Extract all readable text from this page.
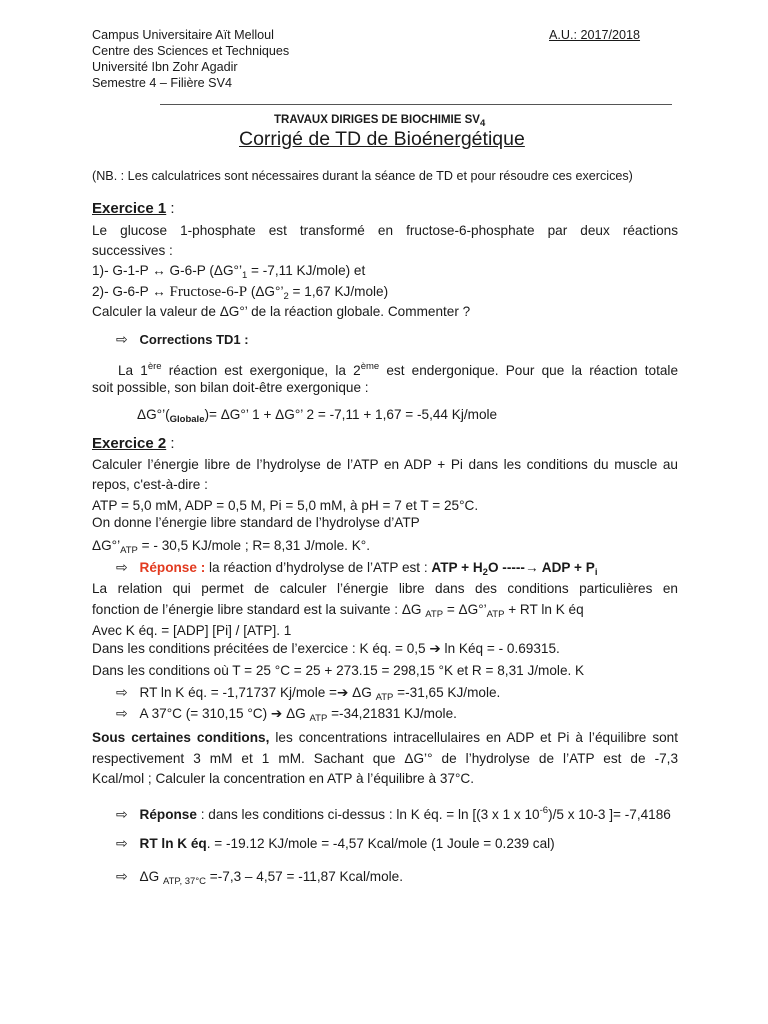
Campus Universitaire Aït Melloul
Centre des Sciences et Techniques
Université Ibn Zohr Agadir
Semestre 4 – Filière SV4
A.U.: 2017/2018
TRAVAUX DIRIGES DE BIOCHIMIE $SV_4$
Corrigé de TD de Bioénergétique
(NB. : Les calculatrices sont nécessaires durant la séance de TD et pour résoudre ces exercices)
Exercice 1 :
Le glucose 1-phosphate est transformé en fructose-6-phosphate par deux réactions
successives :
1)- G-1-P ↔ G-6-P ($\Delta G^\circ’_1 = -7,11$ KJ/mole) et
2)- G-6-P ↔ Fructose-6-P ($\Delta G^\circ’_2 = 1,67$ KJ/mole)
Calculer la valeur de ΔG°’ de la réaction globale. Commenter ?
⇨ Corrections TD1 :
La 1ère réaction est exergonique, la 2ème est endergonique. Pour que la réaction totale
soit possible, son bilan doit-être exergonique :
$\Delta G^\circ’(_{Globale})= \Delta G^\circ$’ 1 + ΔG°’ 2 = -7,11 + 1,67 = -5,44 Kj/mole
Exercice 2 :
Calculer l’énergie libre de l’hydrolyse de l’ATP en ADP + Pi dans les conditions du muscle au
repos, c'est-à-dire :
ATP = 5,0 mM, ADP = 0,5 M, Pi = 5,0 mM, à pH = 7 et T = 25°C.
On donne l’énergie libre standard de l’hydrolyse d’ATP
$\Delta G^\circ’_{ATP}$ = - 30,5 KJ/mole ; R= 8,31 J/mole. K°.
⇨ Réponse : la réaction d’hydrolyse de l’ATP est : ATP + $H_2O$ -----→ ADP + $P_i$
La relation qui permet de calculer l’énergie libre dans des conditions particulières en
fonction de l’énergie libre standard est la suivante : ΔG $_{ATP} = \Delta G^\circ’_{ATP}$ + RT ln K éq
Avec K éq. = [ADP] [Pi] / [ATP]. 1
Dans les conditions précitées de l’exercice : K éq. = 0,5 ➔ ln Kéq = - 0.69315.
Dans les conditions où T = 25 °C = 25 + 273.15 = 298,15 °K et R = 8,31 J/mole. K
⇨ RT ln K éq. = -1,71737 Kj/mole =➔ ΔG $_{ATP}$ =-31,65 KJ/mole.
⇨ A 37°C (= 310,15 °C) ➔ ΔG $_{ATP}$ =-34,21831 KJ/mole.
Sous certaines conditions, les concentrations intracellulaires en ADP et Pi à l’équilibre sont
respectivement 3 mM et 1 mM. Sachant que ΔG’° de l’hydrolyse de l’ATP est de -7,3
Kcal/mol ; Calculer la concentration en ATP à l’équilibre à 37°C.
⇨ Réponse : dans les conditions ci-dessus : ln K éq. = ln [(3 x 1 x $10^{-6})/5$ x 10-3 ]= -7,4186
⇨ RT ln K éq. = -19.12 KJ/mole = -4,57 Kcal/mole (1 Joule = 0.239 cal)
⇨ ΔG $_{ATP, 37^\circ C}$ =-7,3 – 4,57 = -11,87 Kcal/mole.
